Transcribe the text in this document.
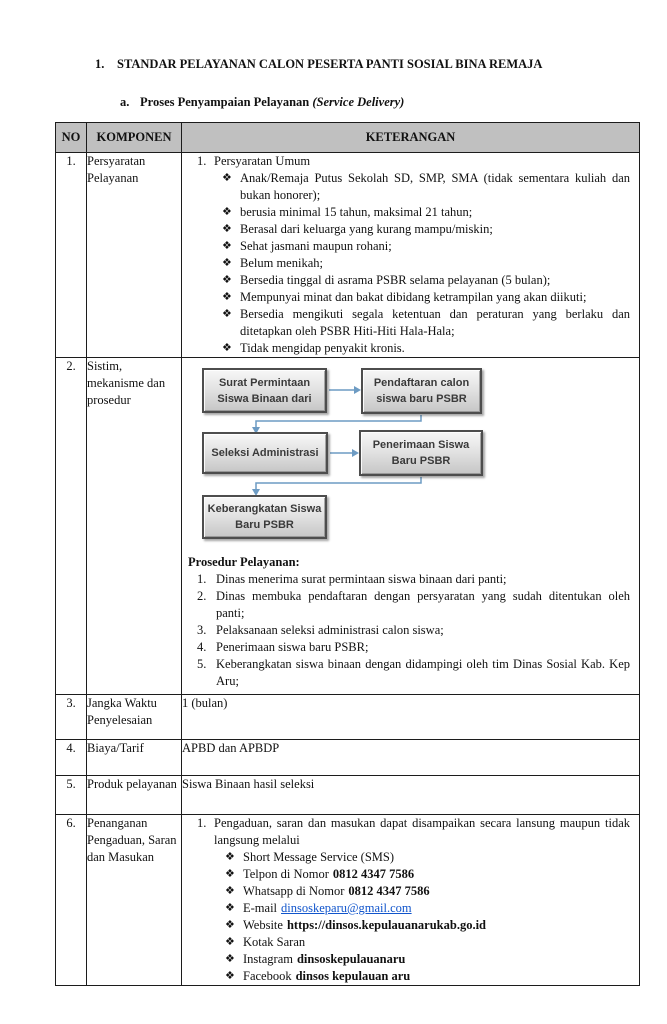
1.	STANDAR PELAYANAN CALON PESERTA PANTI SOSIAL BINA REMAJA
a. Proses Penyampaian Pelayanan (Service Delivery)
NO	KOMPONEN	KETERANGAN
1.	Persyaratan Pelayanan	
1. Persyaratan Umum
❖ Anak/Remaja Putus Sekolah SD, SMP, SMA (tidak sementara kuliah dan bukan honorer);
❖ berusia minimal 15 tahun, maksimal 21 tahun;
❖ Berasal dari keluarga yang kurang mampu/miskin;
❖ Sehat jasmani maupun rohani;
❖ Belum menikah;
❖ Bersedia tinggal di asrama PSBR selama pelayanan (5 bulan);
❖ Mempunyai minat dan bakat dibidang ketrampilan yang akan diikuti;
❖ Bersedia mengikuti segala ketentuan dan peraturan yang berlaku dan ditetapkan oleh PSBR Hiti-Hiti Hala-Hala;
❖ Tidak mengidap penyakit kronis.

2.	Sistim, mekanisme dan prosedur	
Surat Permintaan
Siswa Binaan dari
Pendaftaran calon
siswa baru PSBR
Seleksi Administrasi
Penerimaan Siswa
Baru PSBR
Keberangkatan Siswa
Baru PSBR
Prosedur Pelayanan:
1. Dinas menerima surat permintaan siswa binaan dari panti;
2. Dinas membuka pendaftaran dengan persyaratan yang sudah ditentukan oleh panti;
3. Pelaksanaan seleksi administrasi calon siswa;
4. Penerimaan siswa baru PSBR;
5. Keberangkatan siswa binaan dengan didampingi oleh tim Dinas Sosial Kab. Kep Aru;

3.	Jangka Waktu Penyelesaian	1 (bulan)
4.	Biaya/Tarif	APBD dan APBDP
5.	Produk pelayanan	Siswa Binaan hasil seleksi
6.	Penanganan Pengaduan, Saran dan Masukan	
1. Pengaduan, saran dan masukan dapat disampaikan secara lansung maupun tidak langsung melalui
❖ Short Message Service (SMS)
❖ Telpon di Nomor 0812 4347 7586
❖ Whatsapp di Nomor 0812 4347 7586
❖ E-mail dinsoskeparu@gmail.com
❖ Website https://dinsos.kepulauanarukab.go.id
❖ Kotak Saran
❖ Instagram dinsoskepulauanaru
❖ Facebook dinsos kepulauan aru
